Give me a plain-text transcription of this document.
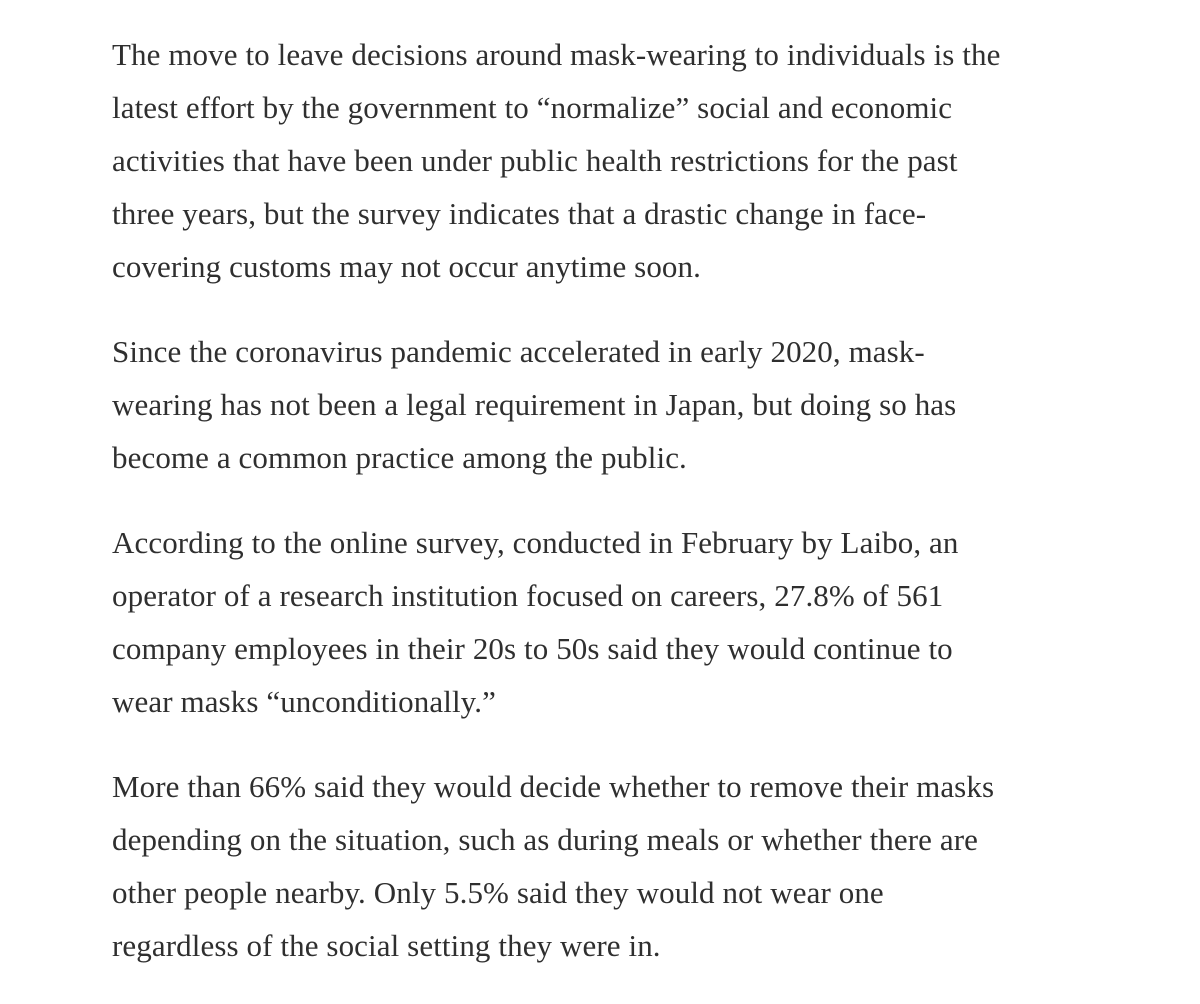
The move to leave decisions around mask-wearing to individuals is the
latest effort by the government to “normalize” social and economic
activities that have been under public health restrictions for the past
three years, but the survey indicates that a drastic change in face-
covering customs may not occur anytime soon.

Since the coronavirus pandemic accelerated in early 2020, mask-
wearing has not been a legal requirement in Japan, but doing so has
become a common practice among the public.

According to the online survey, conducted in February by Laibo, an
operator of a research institution focused on careers, 27.8% of 561
company employees in their 20s to 50s said they would continue to
wear masks “unconditionally.”

More than 66% said they would decide whether to remove their masks
depending on the situation, such as during meals or whether there are
other people nearby. Only 5.5% said they would not wear one
regardless of the social setting they were in.
